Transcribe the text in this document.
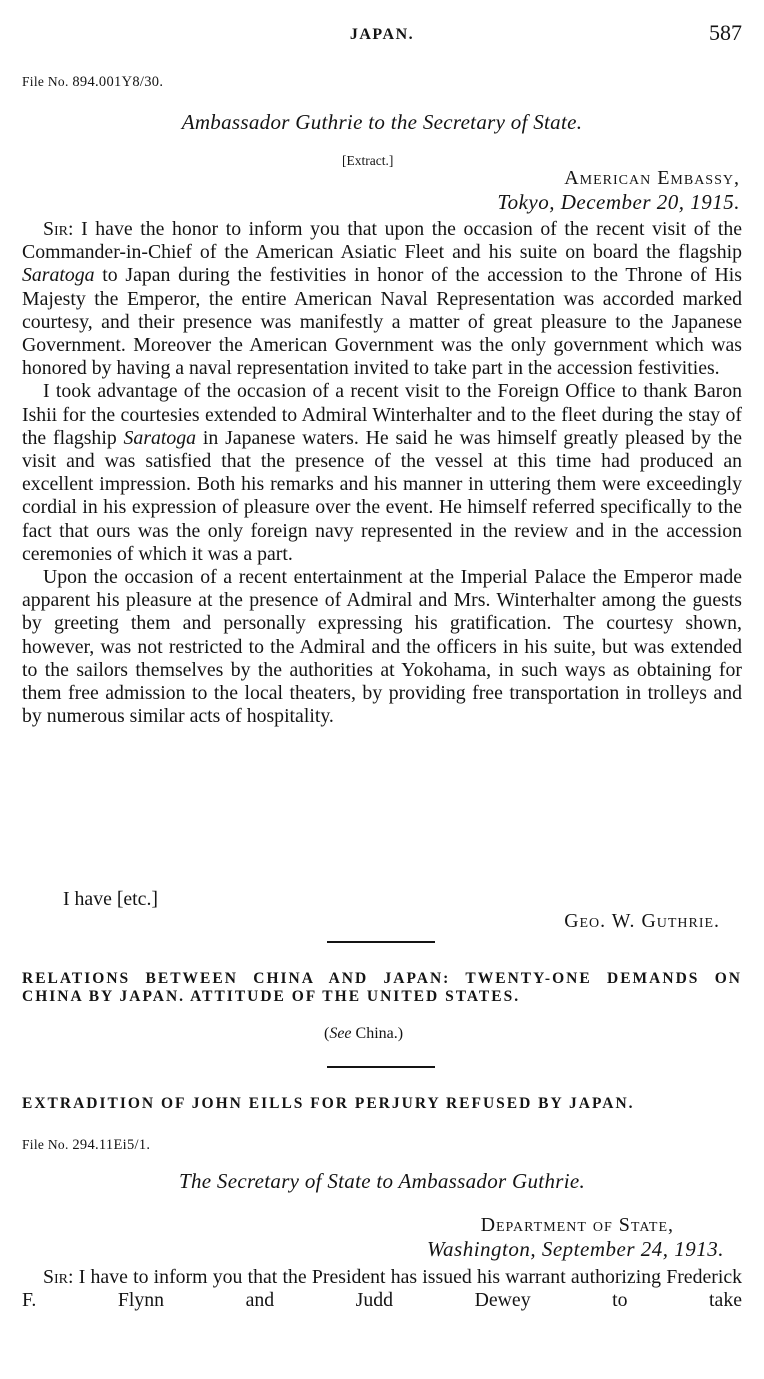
JAPAN.	587
File No. 894.001Y8/30.
Ambassador Guthrie to the Secretary of State.
[Extract.]
American Embassy,
Tokyo, December 20, 1915.

Sir: I have the honor to inform you that upon the occasion of the recent visit of the Commander-in-Chief of the American Asiatic Fleet and his suite on board the flagship Saratoga to Japan during the festivities in honor of the accession to the Throne of His Majesty the Emperor, the entire American Naval Representation was accorded marked courtesy, and their presence was manifestly a matter of great pleasure to the Japanese Government. Moreover the American Government was the only government which was honored by having a naval representation invited to take part in the accession festivities.

I took advantage of the occasion of a recent visit to the Foreign Office to thank Baron Ishii for the courtesies extended to Admiral Winterhalter and to the fleet during the stay of the flagship Saratoga in Japanese waters. He said he was himself greatly pleased by the visit and was satisfied that the presence of the vessel at this time had produced an excellent impression. Both his remarks and his manner in uttering them were exceedingly cordial in his expression of pleasure over the event. He himself referred specifically to the fact that ours was the only foreign navy represented in the review and in the accession ceremonies of which it was a part.

Upon the occasion of a recent entertainment at the Imperial Palace the Emperor made apparent his pleasure at the presence of Admiral and Mrs. Winterhalter among the guests by greeting them and personally expressing his gratification. The courtesy shown, however, was not restricted to the Admiral and the officers in his suite, but was extended to the sailors themselves by the authorities at Yokohama, in such ways as obtaining for them free admission to the local theaters, by providing free transportation in trolleys and by numerous similar acts of hospitality.

I have [etc.]
Geo. W. Guthrie.
RELATIONS BETWEEN CHINA AND JAPAN: TWENTY-ONE DEMANDS ON CHINA BY JAPAN. ATTITUDE OF THE UNITED STATES.
(See China.)
EXTRADITION OF JOHN EILLS FOR PERJURY REFUSED BY JAPAN.
File No. 294.11Ei5/1.
The Secretary of State to Ambassador Guthrie.
Department of State,
Washington, September 24, 1913.

Sir: I have to inform you that the President has issued his warrant authorizing Frederick F. Flynn and Judd Dewey to take
